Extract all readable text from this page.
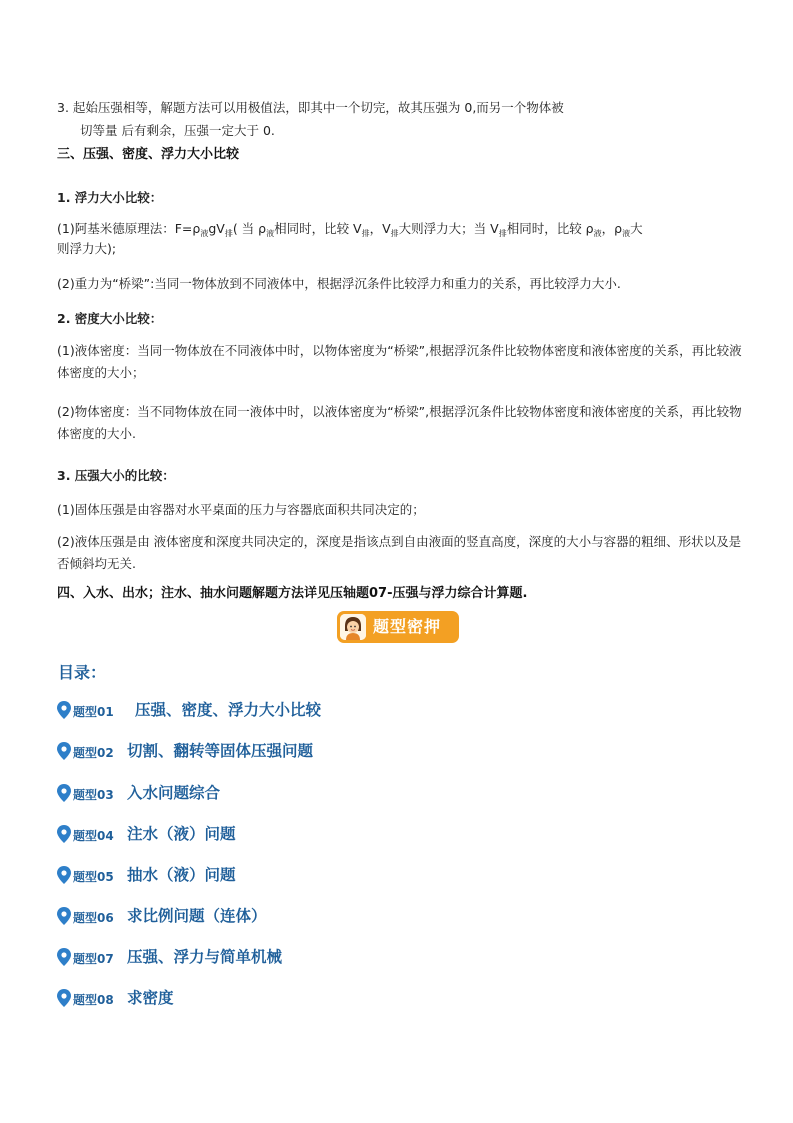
3. 起始压强相等，解题方法可以用极值法，即其中一个切完，故其压强为 0,而另一个物体被
切等量 后有剩余，压强一定大于 0.
三、压强、密度、浮力大小比较
1. 浮力大小比较：
(1)阿基米德原理法：$F=\rho_液gV_排$( 当 $\rho_液$相同时，比较 $V_排$，$V_排$大则浮力大；当 $V_排$相同时，比较 $\rho_液$，$\rho_液$大
则浮力大);
(2)重力为“桥梁”:当同一物体放到不同液体中，根据浮沉条件比较浮力和重力的关系，再比较浮力大小.
2. 密度大小比较：
(1)液体密度：当同一物体放在不同液体中时，以物体密度为“桥梁”,根据浮沉条件比较物体密度和液体密度的关系，再比较液体密度的大小；
(2)物体密度：当不同物体放在同一液体中时，以液体密度为“桥梁”,根据浮沉条件比较物体密度和液体密度的关系，再比较物体密度的大小.
3. 压强大小的比较：
(1)固体压强是由容器对水平桌面的压力与容器底面积共同决定的；
(2)液体压强是由 液体密度和深度共同决定的，深度是指该点到自由液面的竖直高度，深度的大小与容器的粗细、形状以及是否倾斜均无关.
四、入水、出水；注水、抽水问题解题方法详见压轴题07-压强与浮力综合计算题.
题型密押
目录：
题型01 压强、密度、浮力大小比较
题型02 切割、翻转等固体压强问题
题型03 入水问题综合
题型04 注水（液）问题
题型05 抽水（液）问题
题型06 求比例问题（连体）
题型07 压强、浮力与简单机械
题型08 求密度
